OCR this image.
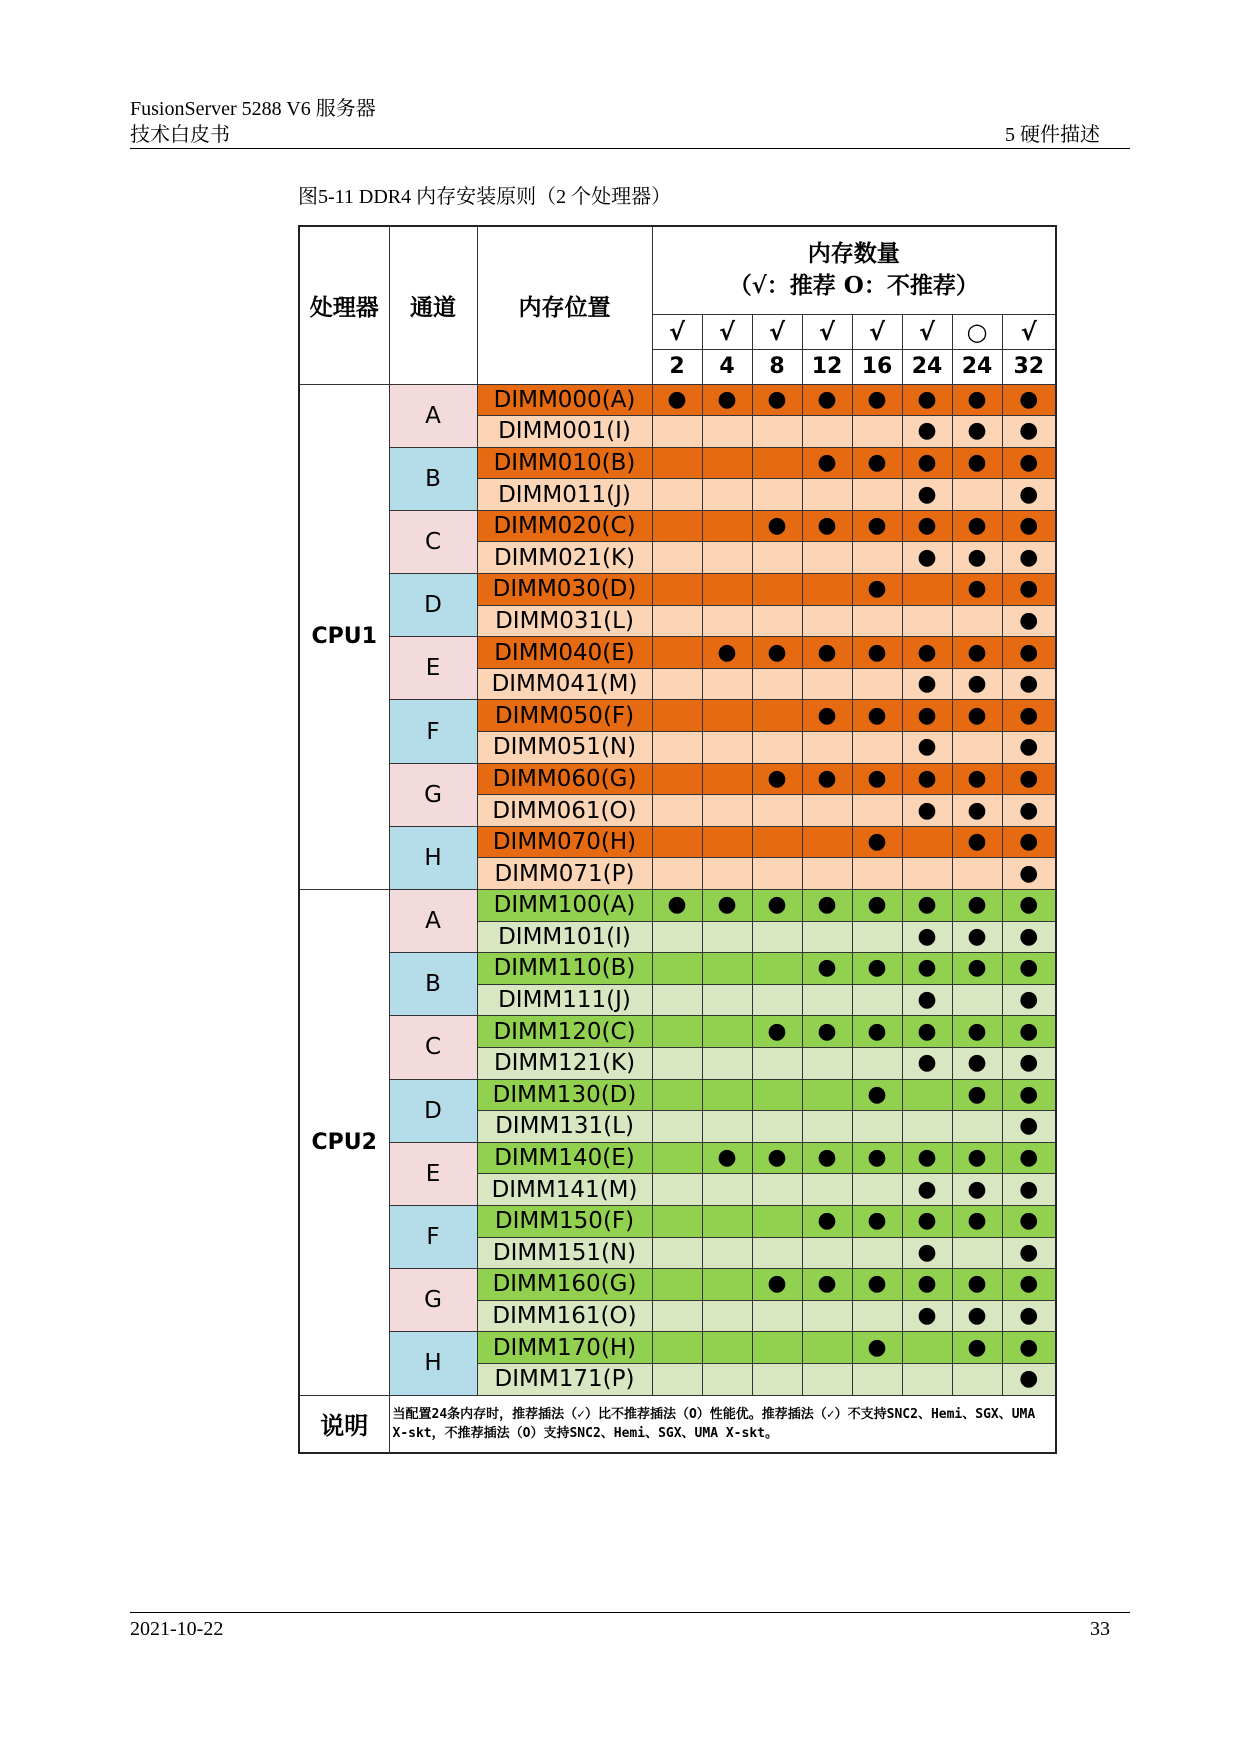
FusionServer 5288 V6 服务器
技术白皮书	5 硬件描述
图5-11 DDR4 内存安装原则（2 个处理器）
处理器	通道	内存位置	内存数量
（√：推荐 O：不推荐）							

			√	√	√	√	√	√	○	√
			2	4	8	12	16	24	24	32
CPU1	A	DIMM000(A)	●	●	●	●	●	●	●	●
		DIMM001(I)						●	●	●
	B	DIMM010(B)				●	●	●	●	●
		DIMM011(J)						●		●
	C	DIMM020(C)			●	●	●	●	●	●
		DIMM021(K)						●	●	●
	D	DIMM030(D)					●		●	●
		DIMM031(L)								●
	E	DIMM040(E)		●	●	●	●	●	●	●
		DIMM041(M)						●	●	●
	F	DIMM050(F)				●	●	●	●	●
		DIMM051(N)						●		●
	G	DIMM060(G)			●	●	●	●	●	●
		DIMM061(O)						●	●	●
	H	DIMM070(H)					●		●	●
		DIMM071(P)								●
CPU2	A	DIMM100(A)	●	●	●	●	●	●	●	●
		DIMM101(I)						●	●	●
	B	DIMM110(B)				●	●	●	●	●
		DIMM111(J)						●		●
	C	DIMM120(C)			●	●	●	●	●	●
		DIMM121(K)						●	●	●
	D	DIMM130(D)					●		●	●
		DIMM131(L)								●
	E	DIMM140(E)		●	●	●	●	●	●	●
		DIMM141(M)						●	●	●
	F	DIMM150(F)				●	●	●	●	●
		DIMM151(N)						●		●
	G	DIMM160(G)			●	●	●	●	●	●
		DIMM161(O)						●	●	●
	H	DIMM170(H)					●		●	●
		DIMM171(P)								●
说明	当配置24条内存时，推荐插法（✓）比不推荐插法（O）性能优。推荐插法（✓）不支持SNC2、Hemi、SGX、UMA X-skt，不推荐插法（O）支持SNC2、Hemi、SGX、UMA X-skt。									
2021-10-22	33
